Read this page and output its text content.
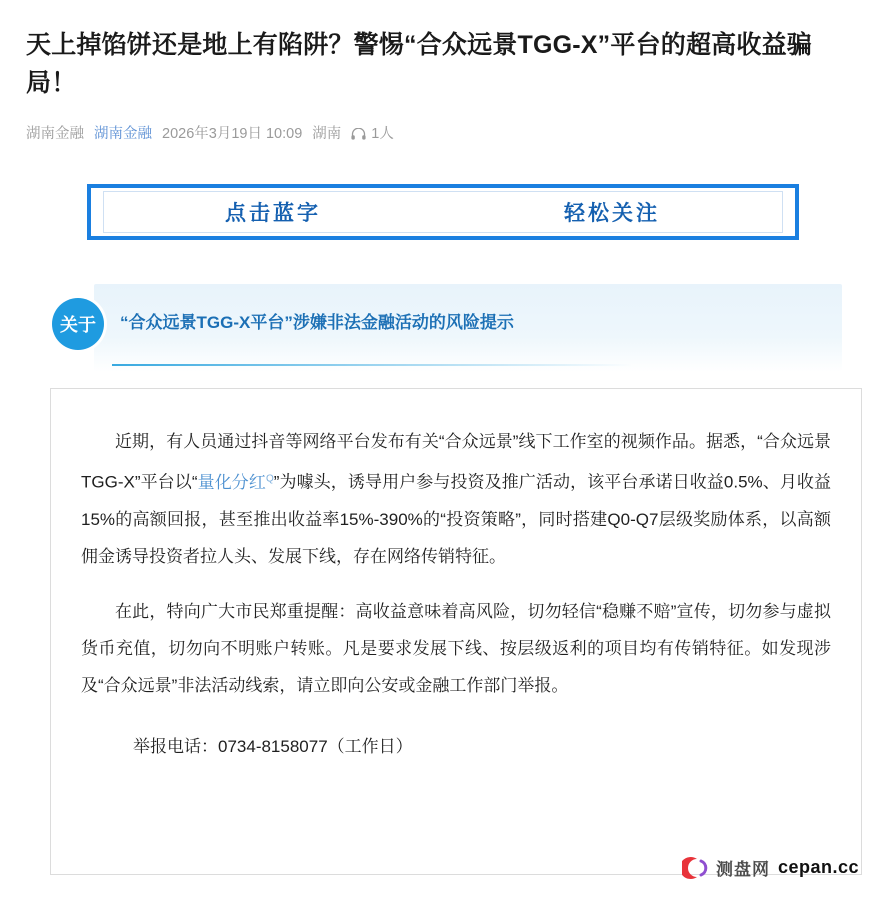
天上掉馅饼还是地上有陷阱？警惕“合众远景TGG-X”平台的超高收益骗局！
湖南金融 湖南金融 2026年3月19日 10:09 湖南 1人
点击蓝字	轻松关注
关于	“合众远景TGG-X平台”涉嫌非法金融活动的风险提示

近期，有人员通过抖音等网络平台发布有关“合众远景”线下工作室的视频作品。据悉，“合众远景TGG-X”平台以“量化分红$^Q$”为噱头，诱导用户参与投资及推广活动，该平台承诺日收益0.5%、月收益15%的高额回报，甚至推出收益率15%-390%的“投资策略”，同时搭建Q0-Q7层级奖励体系，以高额佣金诱导投资者拉人头、发展下线，存在网络传销特征。

在此，特向广大市民郑重提醒：高收益意味着高风险，切勿轻信“稳赚不赔”宣传，切勿参与虚拟货币充值，切勿向不明账户转账。凡是要求发展下线、按层级返利的项目均有传销特征。如发现涉及“合众远景”非法活动线索，请立即向公安或金融工作部门举报。

举报电话：0734-8158077（工作日）

测盘网 cepan.cc
